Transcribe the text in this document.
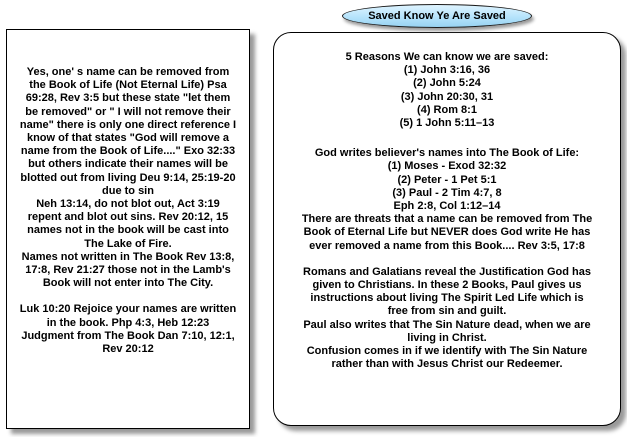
Yes, one' s name can be removed from

the Book of Life (Not Eternal Life) Psa

69:28, Rev 3:5 but these state "let them

be removed" or " I will not remove their

name" there is only one direct reference I

know of that states "God will remove a

name from the Book of Life...." Exo 32:33

but others indicate their names will be

blotted out from living Deu 9:14, 25:19-20

due to sin

Neh 13:14, do not blot out, Act 3:19

repent and blot out sins. Rev 20:12, 15

names not in the book will be cast into

The Lake of Fire.

Names not written in The Book Rev 13:8,

17:8, Rev 21:27 those not in the Lamb's

Book will not enter into The City.

Luk 10:20 Rejoice your names are written

in the book. Php 4:3, Heb 12:23

Judgment from The Book Dan 7:10, 12:1,

Rev 20:12

Saved Know Ye Are Saved

5 Reasons We can know we are saved:

(1) John 3:16, 36

(2) John 5:24

(3) John 20:30, 31

(4) Rom 8:1

(5) 1 John 5:11–13

God writes believer's names into The Book of Life:

(1) Moses - Exod 32:32

(2) Peter - 1 Pet 5:1

(3) Paul - 2 Tim 4:7, 8

Eph 2:8, Col 1:12–14

There are threats that a name can be removed from The

Book of Eternal Life but NEVER does God write He has

ever removed a name from this Book.... Rev 3:5, 17:8

Romans and Galatians reveal the Justification God has

given to Christians. In these 2 Books, Paul gives us

instructions about living The Spirit Led Life which is

free from sin and guilt.

Paul also writes that The Sin Nature dead, when we are

living in Christ.

Confusion comes in if we identify with The Sin Nature

rather than with Jesus Christ our Redeemer.
